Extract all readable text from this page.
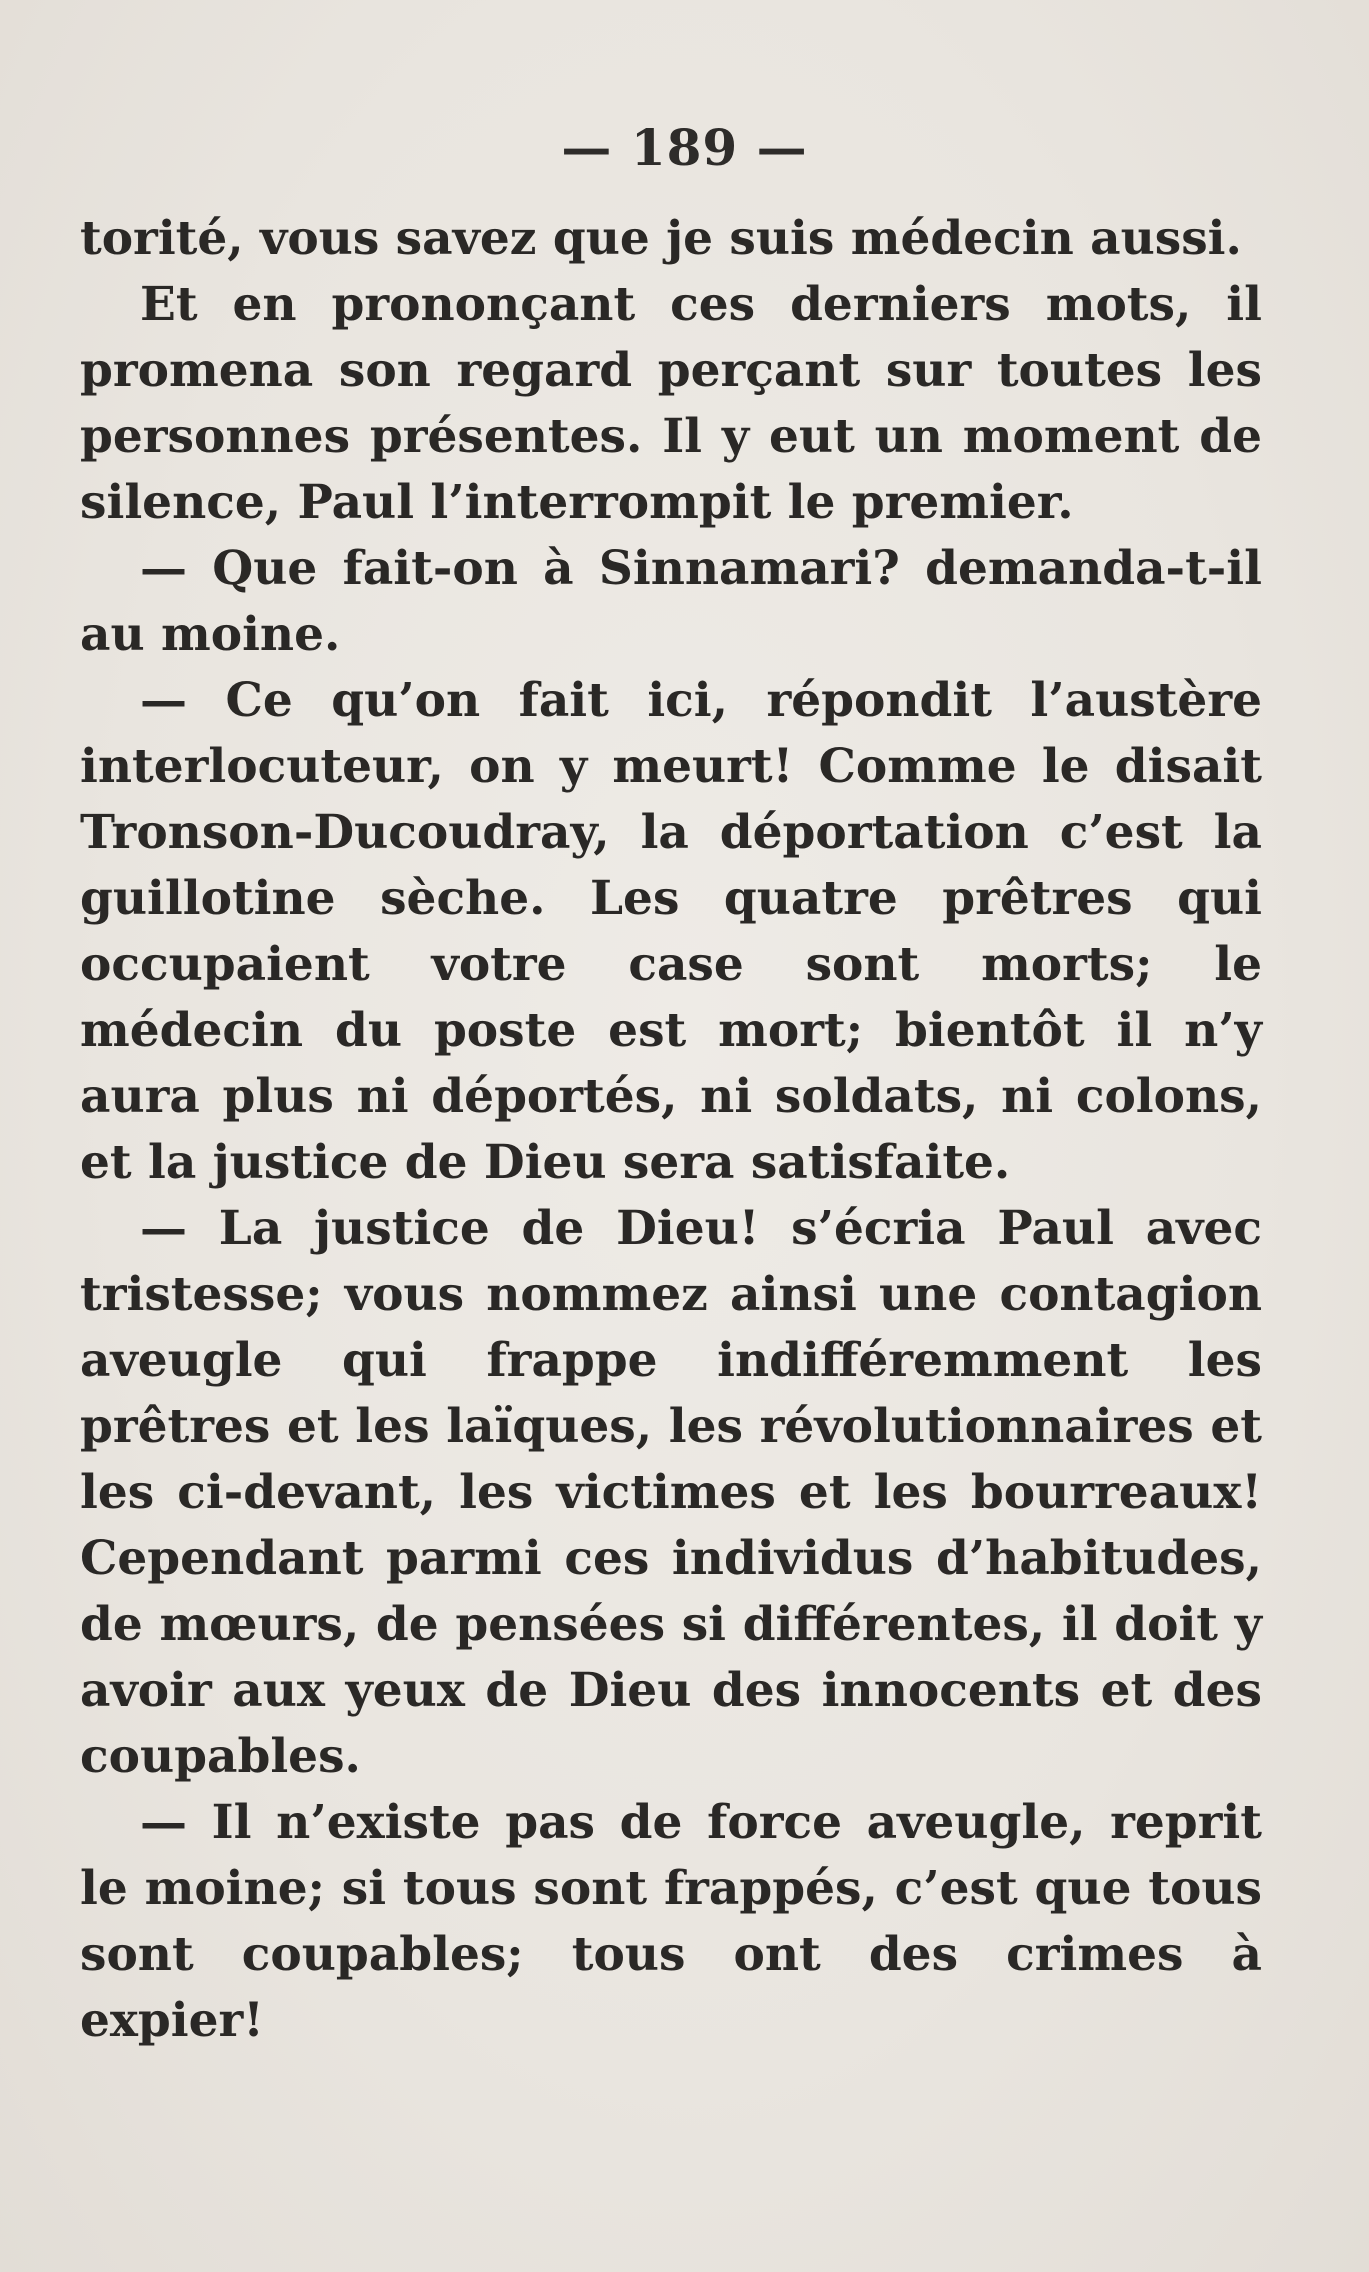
— 189 —

torité, vous savez que je suis médecin aussi.

Et en prononçant ces derniers mots, il promena son regard perçant sur toutes les personnes présentes. Il y eut un moment de silence, Paul l’interrompit le premier.

— Que fait-on à Sinnamari? demanda-t-il au moine.

— Ce qu’on fait ici, répondit l’austère interlocuteur, on y meurt! Comme le disait Tronson-Ducoudray, la déportation c’est la guillotine sèche. Les quatre prêtres qui occupaient votre case sont morts; le médecin du poste est mort; bientôt il n’y aura plus ni déportés, ni soldats, ni colons, et la justice de Dieu sera satisfaite.

— La justice de Dieu! s’écria Paul avec tristesse; vous nommez ainsi une contagion aveugle qui frappe indifféremment les prêtres et les laïques, les révolutionnaires et les ci-devant, les victimes et les bourreaux! Cependant parmi ces individus d’habitudes, de mœurs, de pensées si différentes, il doit y avoir aux yeux de Dieu des innocents et des coupables.

— Il n’existe pas de force aveugle, reprit le moine; si tous sont frappés, c’est que tous sont coupables; tous ont des crimes à expier!
